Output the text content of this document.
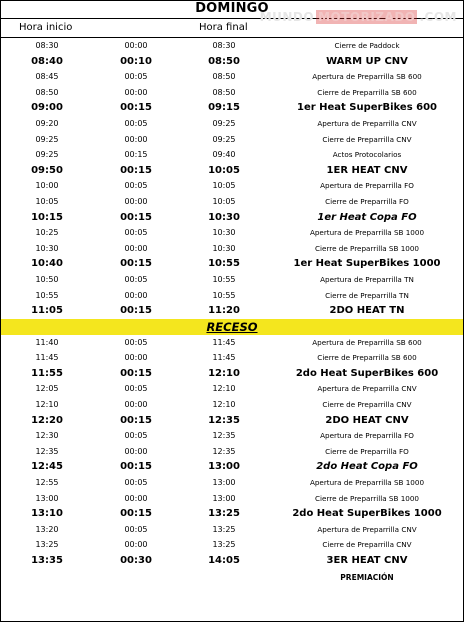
DOMINGO
MUNDO MOTORIZADO .COM
Hora inicio	Hora final
08:30	00:00	08:30	Cierre de Paddock
08:40	00:10	08:50	WARM UP CNV
08:45	00:05	08:50	Apertura de Preparrilla SB 600
08:50	00:00	08:50	Cierre de Preparrilla SB 600
09:00	00:15	09:15	1er Heat SuperBikes 600
09:20	00:05	09:25	Apertura de Preparrilla CNV
09:25	00:00	09:25	Cierre de Preparrilla CNV
09:25	00:15	09:40	Actos Protocolarios
09:50	00:15	10:05	1ER HEAT CNV
10:00	00:05	10:05	Apertura de Preparrilla FO
10:05	00:00	10:05	Cierre de Preparrilla FO
10:15	00:15	10:30	1er Heat Copa FO
10:25	00:05	10:30	Apertura de Preparrilla SB 1000
10:30	00:00	10:30	Cierre de Preparrilla SB 1000
10:40	00:15	10:55	1er Heat SuperBikes 1000
10:50	00:05	10:55	Apertura de Preparrilla TN
10:55	00:00	10:55	Cierre de Preparrilla TN
11:05	00:15	11:20	2DO HEAT TN
RECESO
11:40	00:05	11:45	Apertura de Preparrilla SB 600
11:45	00:00	11:45	Cierre de Preparrilla SB 600
11:55	00:15	12:10	2do Heat SuperBikes 600
12:05	00:05	12:10	Apertura de Preparrilla CNV
12:10	00:00	12:10	Cierre de Preparrilla CNV
12:20	00:15	12:35	2DO HEAT CNV
12:30	00:05	12:35	Apertura de Preparrilla FO
12:35	00:00	12:35	Cierre de Preparrilla FO
12:45	00:15	13:00	2do Heat Copa FO
12:55	00:05	13:00	Apertura de Preparrilla SB 1000
13:00	00:00	13:00	Cierre de Preparrilla SB 1000
13:10	00:15	13:25	2do Heat SuperBikes 1000
13:20	00:05	13:25	Apertura de Preparrilla CNV
13:25	00:00	13:25	Cierre de Preparrilla CNV
13:35	00:30	14:05	3ER HEAT CNV
PREMIACIÓN
